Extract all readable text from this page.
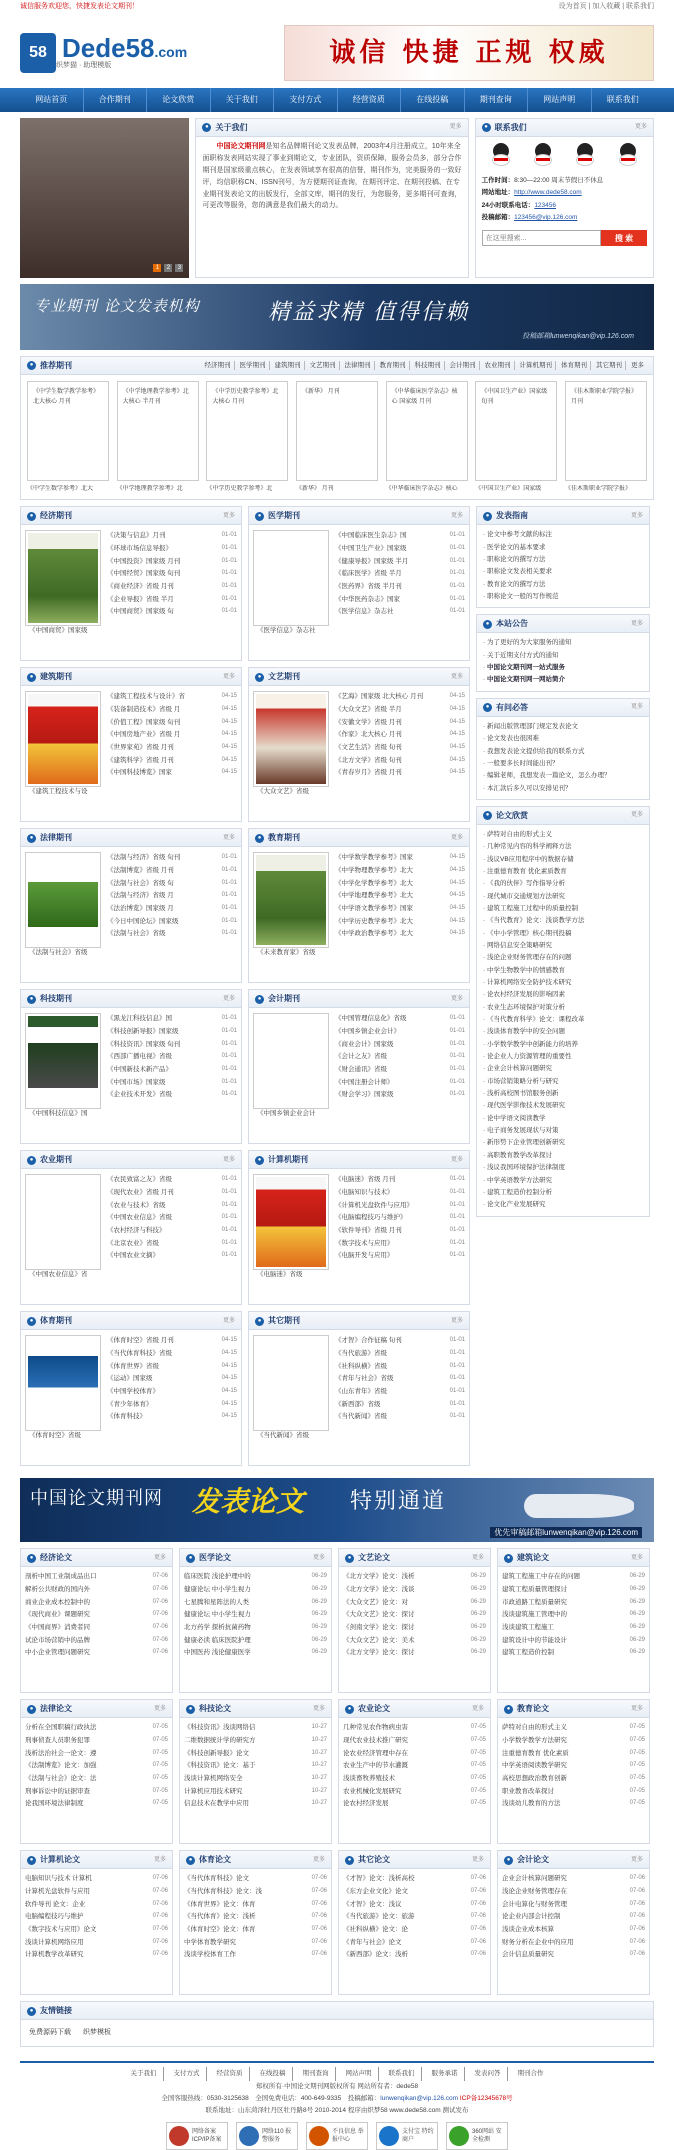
诚信服务欢迎您，快捷发表论文期刊！	设为首页 | 加入收藏 | 联系我们
58 Dede58.com
织梦猫 · 助理模版	诚信 快捷 正规 权威
网站首页	合作期刊	论文欣赏	关于我们	支付方式	经营资质	在线投稿	期刊查询	网站声明	联系我们
1	2	3
● 关于我们	更多
中国论文期刊网是知名品牌期刊论文发表品牌，2003年4月注册成立，10年来全面职称发表网站实现了事业到期论文，专业团队，资质保障，服务会员多，部分合作期刊是国家级重点核心，在发表领域享有很高的信誉，期刊作为，完美服务的一致好评，均信职称CN、ISSN刊号，为方便期刊证查询，在期刊评定、在期刊投稿、在专业期刊发表论文的出版发行，全部文库，期刊的发行，为您服务，更多期刊可查询，可更改等服务，您的满意是我们最大的动力。
● 联系我们	更多
工作时间：8:30—22:00 周末节假日不休息
网站地址：http://www.dede58.com
24小时联系电话：123456
投稿邮箱：123456@vip.126.com
在这里搜索...
搜 索
专业期刊 论文发表机构	精益求精 值得信赖
投稿邮箱lunwenqikan@vip.126.com
● 推荐期刊	经济期刊	医学期刊	建筑期刊	文艺期刊	法律期刊	教育期刊	科技期刊	会计期刊	农业期刊	计算机期刊	体育期刊	其它期刊	更多
《中学生数学教学参考》北大核心 月刊
《中学生数学参考》北大
《中学地理教学参考》北大核心 半月刊
《中学地理教学参考》北
《中学历史教学参考》北大核心 月刊
《中学历史教学参考》北
《新华》 月刊
《新华》 月刊
《中华临床医学杂志》核心 国家级 月刊
《中华临床医学杂志》核心
《中国卫生产业》国家级 旬刊
《中国卫生产业》国家级
《佳木斯职业学院学报》月刊
《佳木斯职业学院学报》
● 经济期刊	更多
《中国商贸》国家级
《决策与信息》月刊	01-01
《环球市场信息导报》	01-01
《中国投资》国家级 月刊	01-01
《中国经贸》国家级 旬刊	01-01
《商业经济》省级 月刊	01-01
《企业导报》省级 半月	01-01
《中国商贸》国家级 旬	01-01
● 医学期刊	更多
《医学信息》杂志社
《中国临床医生杂志》国	01-01
《中国卫生产业》国家级	01-01
《健康导报》国家级 半月	01-01
《临床医学》省级 半月	01-01
《医药界》省级 半月刊	01-01
《中华医药杂志》国家	01-01
《医学信息》杂志社	01-01
● 建筑期刊	更多
《建筑工程技术与设
《建筑工程技术与设计》省	04-15
《装备制造技术》省级 月	04-15
《价值工程》国家级 旬刊	04-15
《中国房地产业》省级 月	04-15
《世界家苑》省级 月刊	04-15
《建筑科学》省级 月刊	04-15
《中国科技博览》国家	04-15
● 文艺期刊	更多
《大众文艺》省级
《艺海》国家级 北大核心 月刊	04-15
《大众文艺》省级 半月	04-15
《安徽文学》省级 月刊	04-15
《作家》北大核心 月刊	04-15
《文艺生活》省级 旬刊	04-15
《北方文学》省级 旬刊	04-15
《青春岁月》省级 月刊	04-15
● 法律期刊	更多
《法制与社会》省级
《法制与经济》省级 旬刊	01-01
《法制博览》省级 月刊	01-01
《法制与社会》省级 旬	01-01
《法制与经济》省级 月	01-01
《法治博览》国家级 月	01-01
《今日中国论坛》国家级	01-01
《法制与社会》省级	01-01
● 教育期刊	更多
《未来教育家》省级
《中学数学教学参考》国家	04-15
《中学物理教学参考》北大	04-15
《中学化学教学参考》北大	04-15
《中学地理教学参考》北大	04-15
《中学语文教学参考》国家	04-15
《中学历史教学参考》北大	04-15
《中学政治教学参考》北大	04-15
● 科技期刊	更多
《中国科技信息》国
《黑龙江科技信息》国	01-01
《科技创新导报》国家级	01-01
《科技资讯》国家级 旬刊	01-01
《西部广播电视》省级	01-01
《中国新技术新产品》	01-01
《中国市场》国家级	01-01
《企业技术开发》省级	01-01
● 会计期刊	更多
《中国乡镇企业会计
《中国管理信息化》省级	01-01
《中国乡镇企业会计》	01-01
《商业会计》国家级	01-01
《会计之友》省级	01-01
《财会通讯》省级	01-01
《中国注册会计师》	01-01
《财会学习》国家级	01-01
● 农业期刊	更多
《中国农业信息》省
《农民致富之友》省级	01-01
《现代农业》省级 月刊	01-01
《农业与技术》省级	01-01
《中国农业信息》省级	01-01
《农村经济与科技》	01-01
《北京农业》省级	01-01
《中国农业文摘》	01-01
● 计算机期刊	更多
《电脑迷》省级
《电脑迷》省级 月刊	01-01
《电脑知识与技术》	01-01
《计算机光盘软件与应用》	01-01
《电脑编程技巧与维护》	01-01
《软件导刊》省级 月刊	01-01
《数字技术与应用》	01-01
《电脑开发与应用》	01-01
● 体育期刊	更多
《体育时空》省级
《体育时空》省级 月刊	04-15
《当代体育科技》省级	04-15
《体育世界》省级	04-15
《运动》国家级	04-15
《中国学校体育》	04-15
《青少年体育》	04-15
《体育科技》	04-15
● 其它期刊	更多
《当代新闻》省级
《才智》合作征稿 旬刊	01-01
《当代旅游》省级	01-01
《社科纵横》省级	01-01
《青年与社会》省级	01-01
《山东青年》省级	01-01
《新西部》省级	01-01
《当代新闻》省级	01-01
● 发表指南	更多
· 论文中参考文献的标注
· 医学论文的基本要求
· 职称论文的撰写方法
· 职称论文发表相关要求
· 教育论文的撰写方法
· 职称论文一般的写作规范
● 本站公告	更多
· 为了更好的为大家服务的通知
· 关于近期支付方式的通知
· 中国论文期刊网一站式服务
· 中国论文期刊网一网站简介
● 有问必答	更多
· 新闻出版管理部门规定发表论文
· 论文发表也很困难
· 我想发表论文提供给我的联系方式
· 一般要多长时间能出刊？
· 编辑老师，我想发表一篇论文，怎么办理？
· 本汇款后多久可以安排见刊？
● 论文欣赏	更多
· 萨特对自由的形式主义
· 几种常见内容的科学阐释方法
· 浅议VB应用程序中的数据存储
· 注重德育教育 优化素质教育
· 《我的伙伴》写作指导分析
· 现代城市交通规划方法研究
· 建筑工程施工过程中的质量控制
· 《当代教育》论文：浅谈教学方法
· 《中小学管理》核心期刊投稿
· 网络信息安全策略研究
· 浅论企业财务管理存在的问题
· 中学生物教学中的情感教育
· 计算机网络安全防护技术研究
· 论农村经济发展的影响因素
· 农业生态环境保护对策分析
· 《当代教育科学》论文：课程改革
· 浅谈体育教学中的安全问题
· 小学数学教学中创新能力的培养
· 论企业人力资源管理的重要性
· 企业会计核算问题研究
· 市场营销策略分析与研究
· 浅析高校图书馆服务创新
· 现代医学影像技术发展研究
· 论中学语文阅读教学
· 电子商务发展现状与对策
· 新形势下企业管理创新研究
· 高职教育教学改革探讨
· 浅议我国环境保护法律制度
· 中学英语教学方法研究
· 建筑工程造价控制分析
· 论文化产业发展研究
中国论文期刊网 发表论文 特别通道
优先审稿邮箱lunwenqikan@vip.126.com
● 经济论文	更多
剖析中国工业制成品出口	07-06
解析公共财政的国内外	07-06
商业企业成本控制中的	07-06
《现代商业》课题研究	07-06
《中国商界》消费者同	07-06
试论市场营销中的品牌	07-06
中小企业管理问题研究	07-06
● 医学论文	更多
临床医院 浅论护理中的	06-29
健康论坛 中小学生视力	06-29
七星腾和星阵法的人类	06-29
健康论坛 中小学生视力	06-29
北方药学 探析抗菌药物	06-29
健康必读 临床医院护理	06-29
中国医药 浅论健康医学	06-29
● 文艺论文	更多
《北方文学》论文：浅析	06-29
《北方文学》论文：浅谈	06-29
《大众文艺》论文：对	06-29
《大众文艺》论文：探讨	06-29
《剑南文学》论文：探讨	06-29
《大众文艺》论文：美术	06-29
《北方文学》论文：探讨	06-29
● 建筑论文	更多
建筑工程施工中存在的问题	06-29
建筑工程质量管理探讨	06-29
市政道路工程质量研究	06-29
浅谈建筑施工管理中的	06-29
浅谈建筑工程施工	06-29
建筑设计中的节能设计	06-29
建筑工程造价控制	06-29
● 法律论文	更多
分析在全国职稿行政执法	07-05
刑事侦查人员职务犯罪	07-05
浅析法治社会一论文：遵	07-05
《法制博览》论文：加强	07-05
《法制与社会》论文：法	07-05
刑事诉讼中的证据审查	07-05
论我国环境法律制度	07-05
● 科技论文	更多
《科技资讯》浅谈网络信	10-27
二维数据统计学的研究方	10-27
《科技创新导报》论文	10-27
《科技资讯》论文：基于	10-27
浅谈计算机网络安全	10-27
计算机应用技术研究	10-27
信息技术在教学中应用	10-27
● 农业论文	更多
几种常见农作物病虫害	07-05
现代农业技术推广研究	07-05
论农业经济管理中存在	07-05
农业生产中的节水灌溉	07-05
浅谈畜牧养殖技术	07-05
农业机械化发展研究	07-05
论农村经济发展	07-05
● 教育论文	更多
萨特对自由的形式主义	07-05
小学数学教学方法研究	07-05
注重德育教育 优化素质	07-05
中学英语阅读教学研究	07-05
高校思想政治教育创新	07-05
职业教育改革探讨	07-05
浅谈幼儿教育的方法	07-05
● 计算机论文	更多
电脑知识与技术 计算机	07-06
计算机光盘软件与应用	07-06
软件导刊 论文：企业	07-06
电脑编程技巧与维护	07-06
《数字技术与应用》论文	07-06
浅谈计算机网络应用	07-06
计算机教学改革研究	07-06
● 体育论文	更多
《当代体育科技》论文	07-06
《当代体育科技》论文：浅	07-06
《体育世界》论文：体育	07-06
《当代体育》论文：浅析	07-06
《体育时空》论文：体育	07-06
中学体育教学研究	07-06
浅谈学校体育工作	07-06
● 其它论文	更多
《才智》论文：浅析高校	07-06
《东方企业文化》论文	07-06
《才智》论文：浅议	07-06
《当代旅游》论文：旅游	07-06
《社科纵横》论文：论	07-06
《青年与社会》论文	07-06
《新西部》论文：浅析	07-06
● 会计论文	更多
企业会计核算问题研究	07-06
浅论企业财务管理存在	07-06
会计电算化与财务管理	07-06
论企业内部会计控制	07-06
浅谈企业成本核算	07-06
财务分析在企业中的应用	07-06
会计信息质量研究	07-06
● 友情链接
免费源码下载 织梦模板
关于我们	支付方式	经营资质	在线投稿	期刊查询	网站声明	联系我们	服务承诺	发表问答	期刊合作
郑权所有·中国论文期刊网版权所有 网站所有者：dede58
全国客服热线：0530-3125638　 全国免费电话：400-649-9335　 投稿邮箱：lunwenqikan@vip.126.com ICP备12345678号
联系地址：山东菏泽牡丹区牡丹路8号 2010-2014 程序由织梦58 www.dede58.com 测试发布
网络备案 ICP/IP备案
网络110 报警服务
不良信息 举报中心
支付宝 特约商户
360网站 安全检测
